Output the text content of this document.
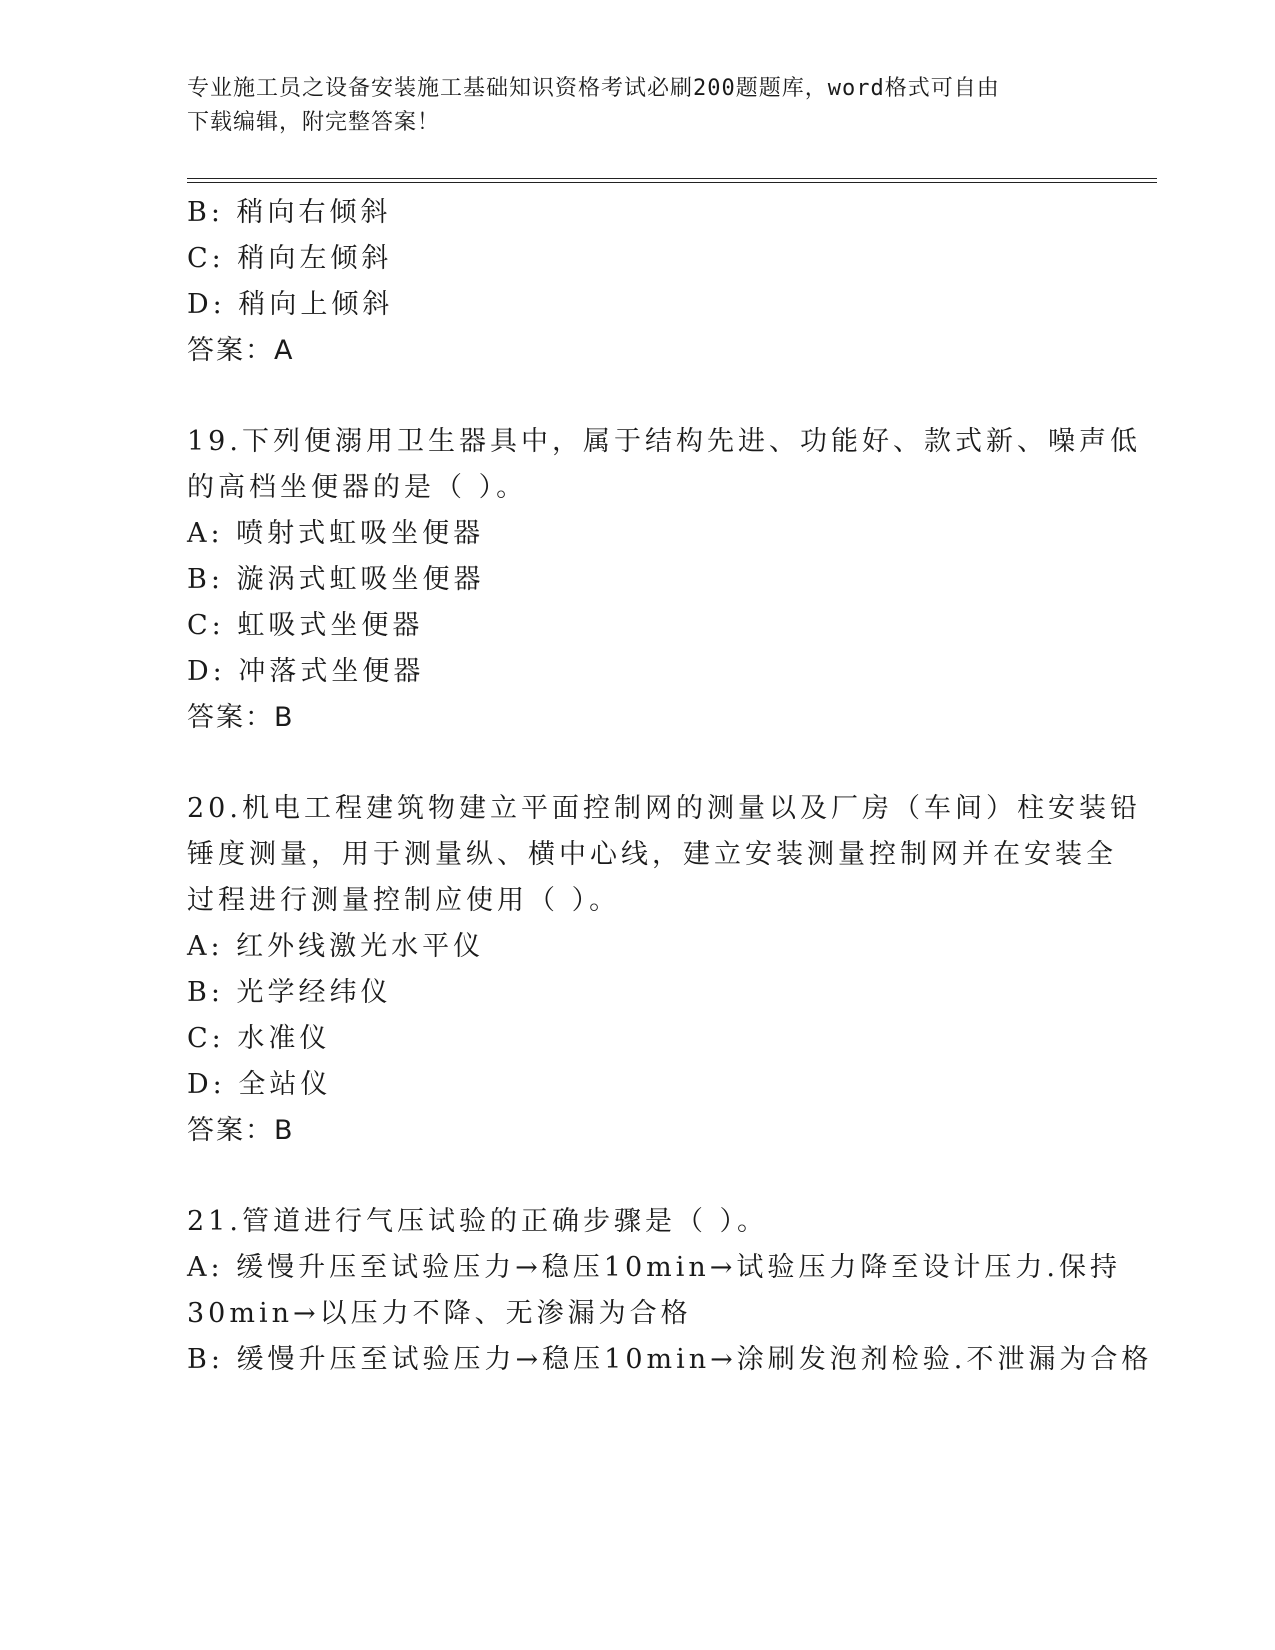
专业施工员之设备安装施工基础知识资格考试必刷200题题库，word格式可自由
下载编辑，附完整答案！
B: 稍向右倾斜
C: 稍向左倾斜
D: 稍向上倾斜
答案：A
19.下列便溺用卫生器具中，属于结构先进、功能好、款式新、噪声低
的高档坐便器的是（ ）。
A: 喷射式虹吸坐便器
B: 漩涡式虹吸坐便器
C: 虹吸式坐便器
D: 冲落式坐便器
答案：B
20.机电工程建筑物建立平面控制网的测量以及厂房（车间）柱安装铅
锤度测量，用于测量纵、横中心线，建立安装测量控制网并在安装全
过程进行测量控制应使用（ ）。
A: 红外线激光水平仪
B: 光学经纬仪
C: 水准仪
D: 全站仪
答案：B
21.管道进行气压试验的正确步骤是（ ）。
A: 缓慢升压至试验压力→稳压10min→试验压力降至设计压力.保持
30min→以压力不降、无渗漏为合格
B: 缓慢升压至试验压力→稳压10min→涂刷发泡剂检验.不泄漏为合格
